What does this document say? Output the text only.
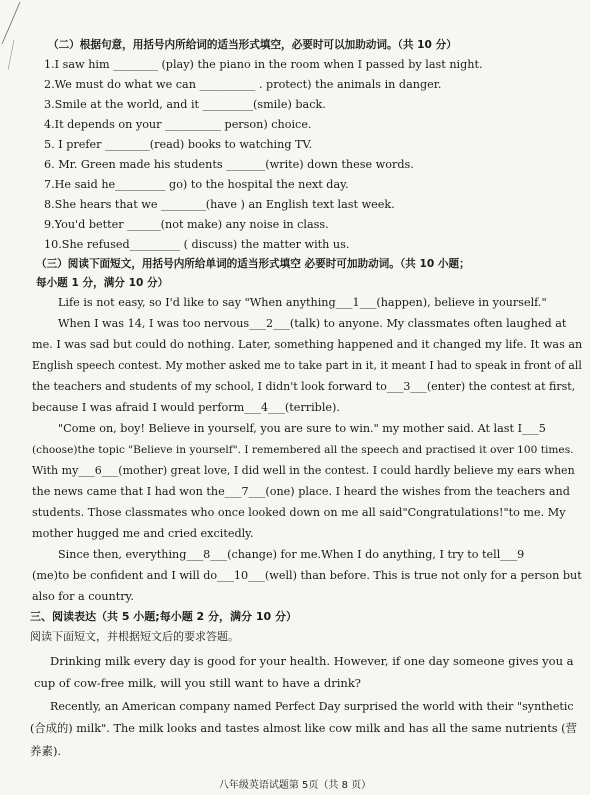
（二）根据句意，用括号内所给词的适当形式填空，必要时可以加助动词。（共 10 分）
1.I saw him ________ (play) the piano in the room when I passed by last night.
2.We must do what we can __________ . protect) the animals in danger.
3.Smile at the world, and it _________(smile) back.
4.It depends on your __________ person) choice.
5. I prefer ________(read) books to watching TV.
6. Mr. Green made his students _______(write) down these words.
7.He said he_________ go) to the hospital the next day.
8.She hears that we ________(have ) an English text last week.
9.You'd better ______(not make) any noise in class.
10.She refused_________ ( discuss) the matter with us.
（三）阅读下面短文，用括号内所给单词的适当形式填空 必要时可加助动词。（共 10 小题；
每小题 1 分，满分 10 分）
Life is not easy, so I'd like to say "When anything___1___(happen), believe in yourself."
When I was 14, I was too nervous___2___(talk) to anyone. My classmates often laughed at
me. I was sad but could do nothing. Later, something happened and it changed my life. It was an
English speech contest. My mother asked me to take part in it, it meant I had to speak in front of all
the teachers and students of my school, I didn't look forward to___3___(enter) the contest at first,
because I was afraid I would perform___4___(terrible).
"Come on, boy! Believe in yourself, you are sure to win." my mother said. At last I___5
(choose)the topic "Believe in yourself". I remembered all the speech and practised it over 100 times.
With my___6___(mother) great love, I did well in the contest. I could hardly believe my ears when
the news came that I had won the___7___(one) place. I heard the wishes from the teachers and
students. Those classmates who once looked down on me all said"Congratulations!"to me. My
mother hugged me and cried excitedly.
Since then, everything___8___(change) for me.When I do anything, I try to tell___9
(me)to be confident and I will do___10___(well) than before. This is true not only for a person but
also for a country.
三、阅读表达（共 5 小题;每小题 2 分，满分 10 分）
阅读下面短文，并根据短文后的要求答题。
Drinking milk every day is good for your health. However, if one day someone gives you a
cup of cow-free milk, will you still want to have a drink?
Recently, an American company named Perfect Day surprised the world with their "synthetic
(合成的) milk". The milk looks and tastes almost like cow milk and has all the same nutrients (营
养素).
八年级英语试题第 5页（共 8 页）
